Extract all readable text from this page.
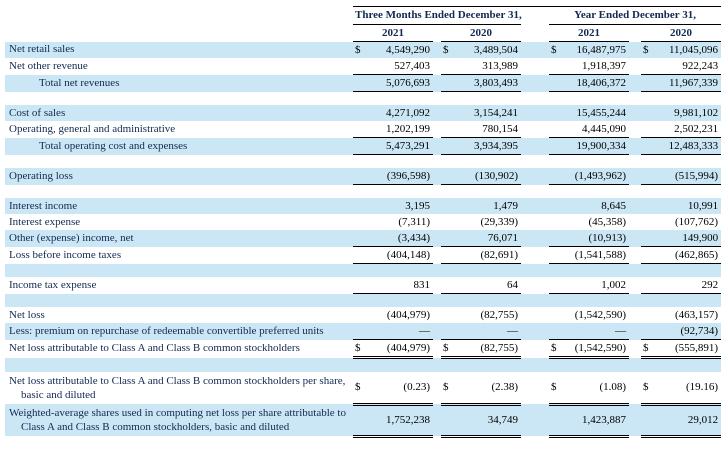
	Three Months Ended December 31,						Year Ended December 31,				
	2021			2020			2021			2020	
Net retail sales	$	4,549,290		$	3,489,504		$	16,487,975		$	11,045,096
Net other revenue		527,403			313,989			1,918,397			922,243
Total net revenues		5,076,693			3,803,493			18,406,372			11,967,339

Cost of sales		4,271,092			3,154,241			15,455,244			9,981,102
Operating, general and administrative		1,202,199			780,154			4,445,090			2,502,231
Total operating cost and expenses		5,473,291			3,934,395			19,900,334			12,483,333

Operating loss		(396,598)			(130,902)			(1,493,962)			(515,994)

Interest income		3,195			1,479			8,645			10,991
Interest expense		(7,311)			(29,339)			(45,358)			(107,762)
Other (expense) income, net		(3,434)			76,071			(10,913)			149,900
Loss before income taxes		(404,148)			(82,691)			(1,541,588)			(462,865)

Income tax expense		831			64			1,002			292

Net loss		(404,979)			(82,755)			(1,542,590)			(463,157)
Less: premium on repurchase of redeemable convertible preferred units		—			—			—			(92,734)
Net loss attributable to Class A and Class B common stockholders	$	(404,979)		$	(82,755)		$	(1,542,590)		$	(555,891)

Net loss attributable to Class A and Class B common stockholders per share, basic and diluted	$	(0.23)		$	(2.38)		$	(1.08)		$	(19.16)
Weighted-average shares used in computing net loss per share attributable to Class A and Class B common stockholders, basic and diluted		1,752,238			34,749			1,423,887			29,012
